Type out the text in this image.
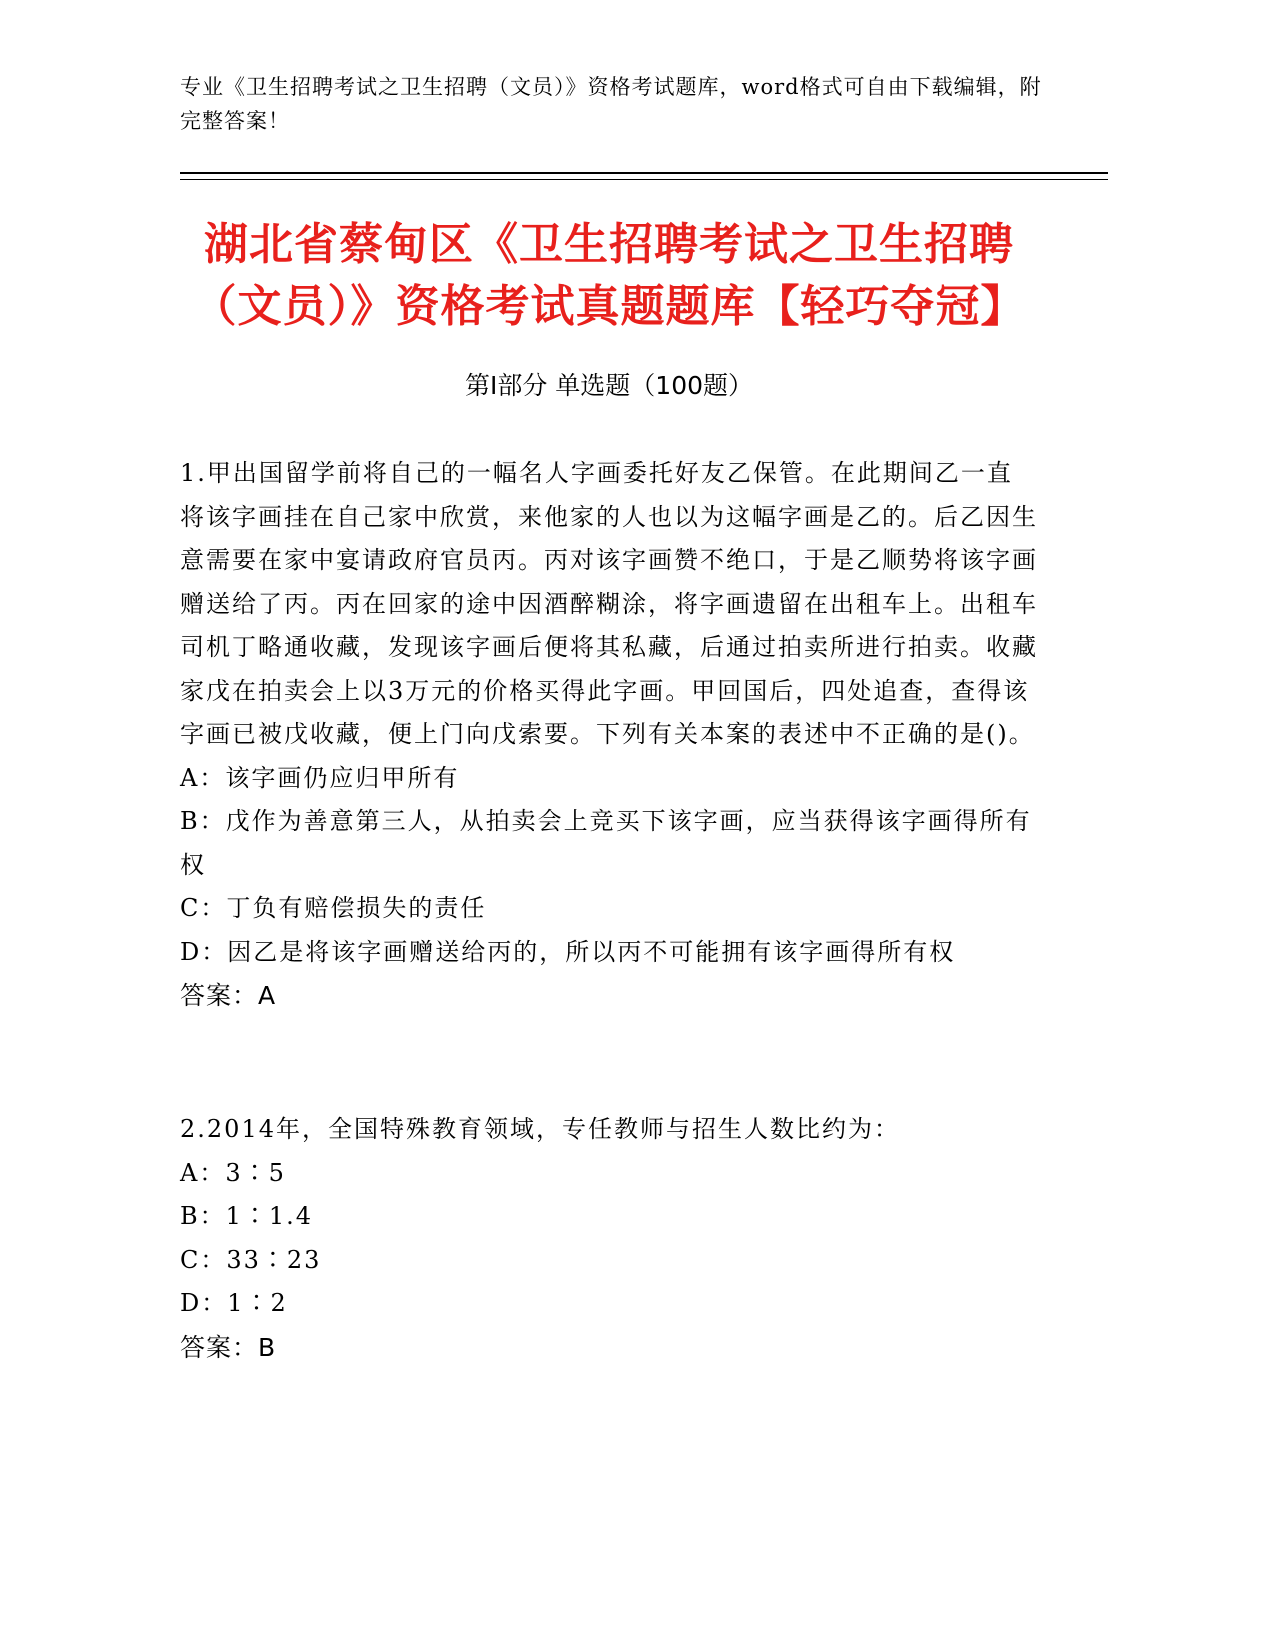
专业《卫生招聘考试之卫生招聘（文员）》资格考试题库，word格式可自由下载编辑，附完整答案！
湖北省蔡甸区《卫生招聘考试之卫生招聘（文员）》资格考试真题题库【轻巧夺冠】
第I部分 单选题（100题）

1.甲出国留学前将自己的一幅名人字画委托好友乙保管。在此期间乙一直将该字画挂在自己家中欣赏，来他家的人也以为这幅字画是乙的。后乙因生意需要在家中宴请政府官员丙。丙对该字画赞不绝口，于是乙顺势将该字画赠送给了丙。丙在回家的途中因酒醉糊涂，将字画遗留在出租车上。出租车司机丁略通收藏，发现该字画后便将其私藏，后通过拍卖所进行拍卖。收藏家戊在拍卖会上以3万元的价格买得此字画。甲回国后，四处追查，查得该字画已被戊收藏，便上门向戊索要。下列有关本案的表述中不正确的是()。

A：该字画仍应归甲所有

B：戊作为善意第三人，从拍卖会上竞买下该字画，应当获得该字画得所有权

C：丁负有赔偿损失的责任

D：因乙是将该字画赠送给丙的，所以丙不可能拥有该字画得所有权

答案：A

2.2014年，全国特殊教育领域，专任教师与招生人数比约为：

A：3∶5

B：1∶1.4

C：33∶23

D：1∶2

答案：B
